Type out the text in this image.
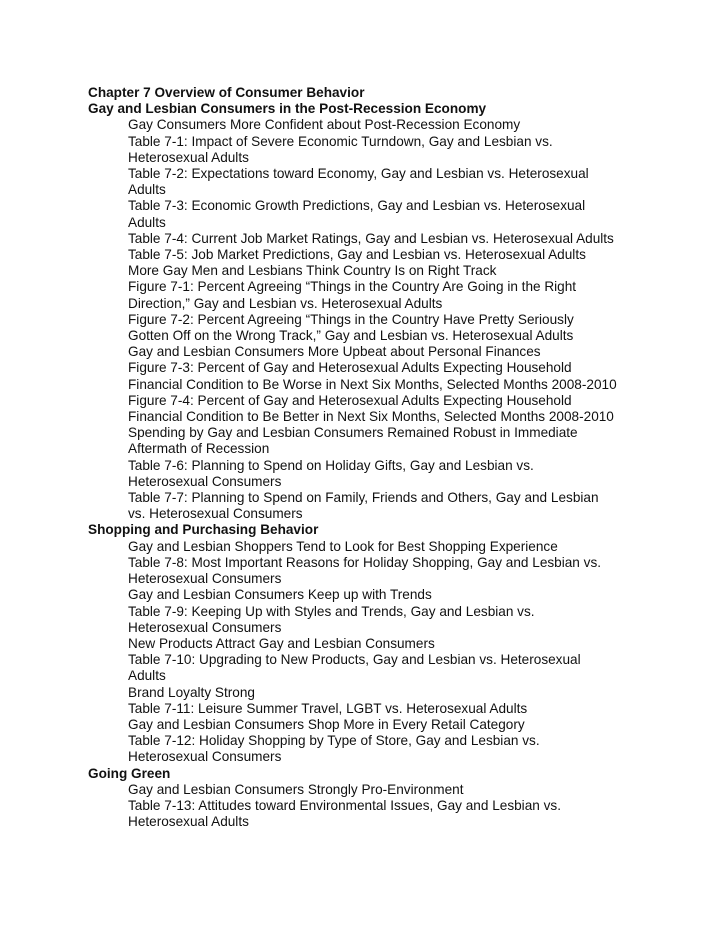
Chapter 7 Overview of Consumer Behavior
Gay and Lesbian Consumers in the Post-Recession Economy
Gay Consumers More Confident about Post-Recession Economy
Table 7-1: Impact of Severe Economic Turndown, Gay and Lesbian vs.
Heterosexual Adults
Table 7-2: Expectations toward Economy, Gay and Lesbian vs. Heterosexual
Adults
Table 7-3: Economic Growth Predictions, Gay and Lesbian vs. Heterosexual
Adults
Table 7-4: Current Job Market Ratings, Gay and Lesbian vs. Heterosexual Adults
Table 7-5: Job Market Predictions, Gay and Lesbian vs. Heterosexual Adults
More Gay Men and Lesbians Think Country Is on Right Track
Figure 7-1: Percent Agreeing “Things in the Country Are Going in the Right
Direction,” Gay and Lesbian vs. Heterosexual Adults
Figure 7-2: Percent Agreeing “Things in the Country Have Pretty Seriously
Gotten Off on the Wrong Track,” Gay and Lesbian vs. Heterosexual Adults
Gay and Lesbian Consumers More Upbeat about Personal Finances
Figure 7-3: Percent of Gay and Heterosexual Adults Expecting Household
Financial Condition to Be Worse in Next Six Months, Selected Months 2008-2010
Figure 7-4: Percent of Gay and Heterosexual Adults Expecting Household
Financial Condition to Be Better in Next Six Months, Selected Months 2008-2010
Spending by Gay and Lesbian Consumers Remained Robust in Immediate
Aftermath of Recession
Table 7-6: Planning to Spend on Holiday Gifts, Gay and Lesbian vs.
Heterosexual Consumers
Table 7-7: Planning to Spend on Family, Friends and Others, Gay and Lesbian
vs. Heterosexual Consumers
Shopping and Purchasing Behavior
Gay and Lesbian Shoppers Tend to Look for Best Shopping Experience
Table 7-8: Most Important Reasons for Holiday Shopping, Gay and Lesbian vs.
Heterosexual Consumers
Gay and Lesbian Consumers Keep up with Trends
Table 7-9: Keeping Up with Styles and Trends, Gay and Lesbian vs.
Heterosexual Consumers
New Products Attract Gay and Lesbian Consumers
Table 7-10: Upgrading to New Products, Gay and Lesbian vs. Heterosexual
Adults
Brand Loyalty Strong
Table 7-11: Leisure Summer Travel, LGBT vs. Heterosexual Adults
Gay and Lesbian Consumers Shop More in Every Retail Category
Table 7-12: Holiday Shopping by Type of Store, Gay and Lesbian vs.
Heterosexual Consumers
Going Green
Gay and Lesbian Consumers Strongly Pro-Environment
Table 7-13: Attitudes toward Environmental Issues, Gay and Lesbian vs.
Heterosexual Adults
